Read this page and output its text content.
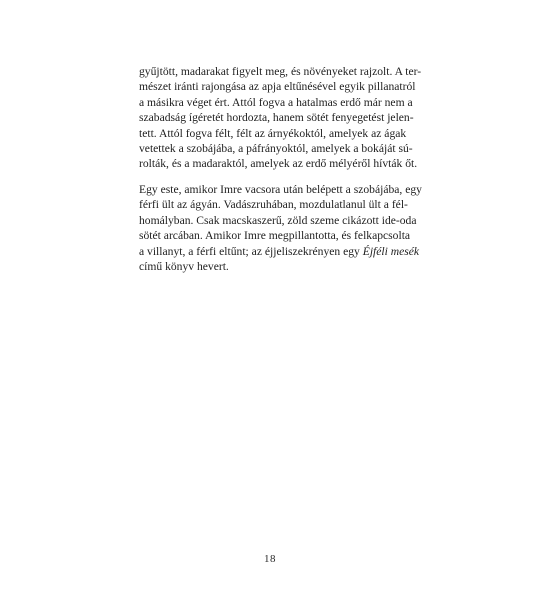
gyűjtött, madarakat figyelt meg, és növényeket rajzolt. A ter-
mészet iránti rajongása az apja eltűnésével egyik pillanatról
a másikra véget ért. Attól fogva a hatalmas erdő már nem a
szabadság ígéretét hordozta, hanem sötét fenyegetést jelen-
tett. Attól fogva félt, félt az árnyékoktól, amelyek az ágak
vetettek a szobájába, a páfrányoktól, amelyek a bokáját sú-
rolták, és a madaraktól, amelyek az erdő mélyéről hívták őt.
Egy este, amikor Imre vacsora után belépett a szobájába, egy
férfi ült az ágyán. Vadászruhában, mozdulatlanul ült a fél-
homályban. Csak macskaszerű, zöld szeme cikázott ide-oda
sötét arcában. Amikor Imre megpillantotta, és felkapcsolta
a villanyt, a férfi eltűnt; az éjjeliszekrényen egy Éjféli mesék
című könyv hevert.
18
